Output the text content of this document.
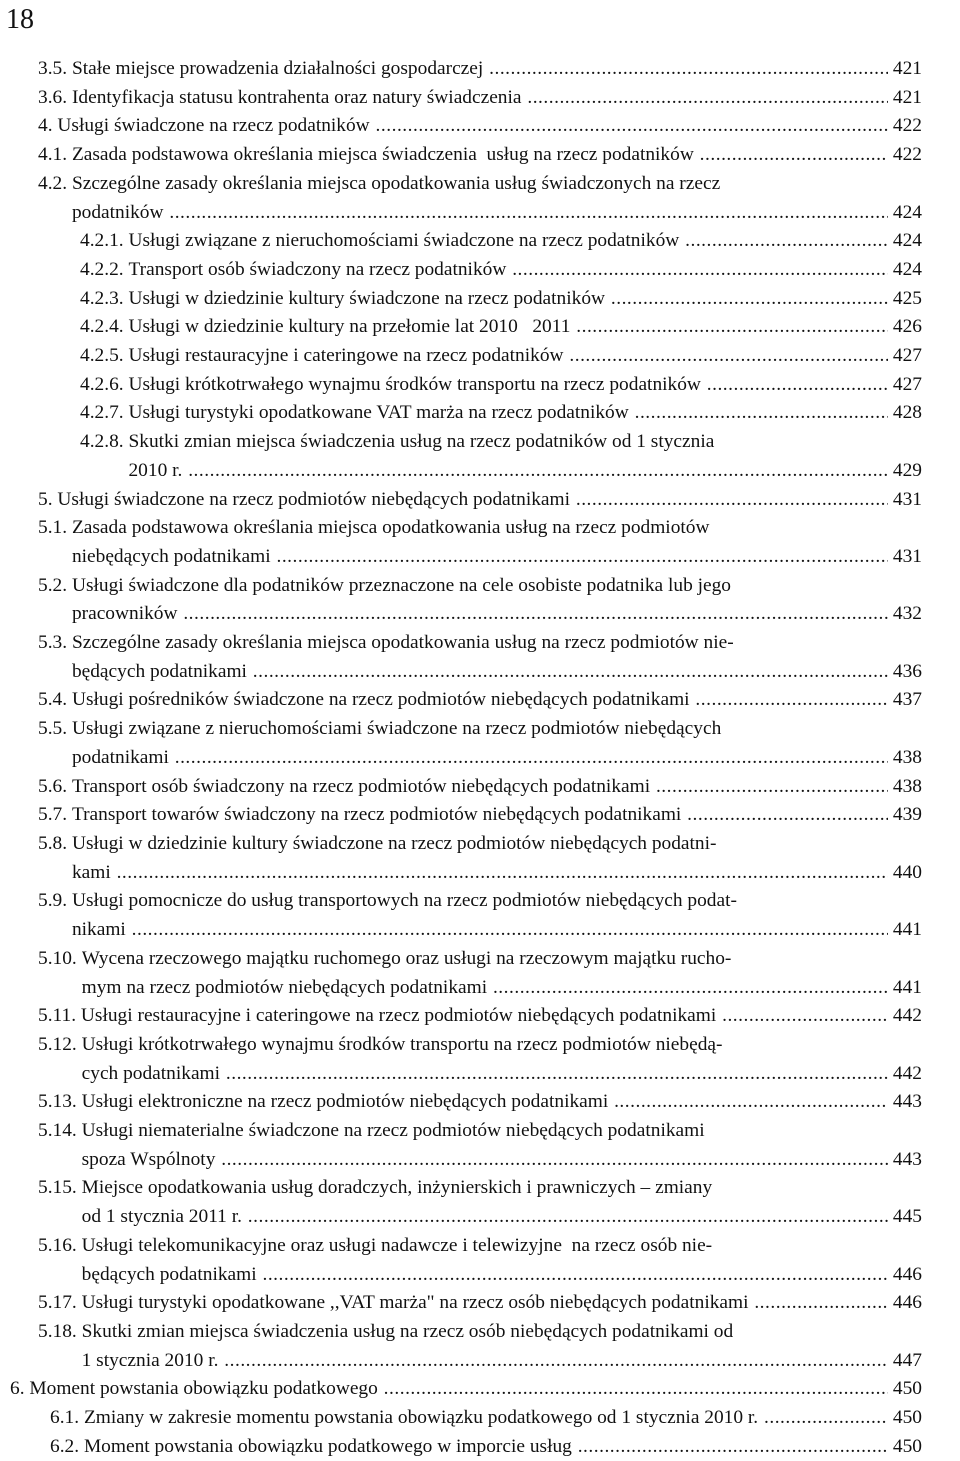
18
3.5. Stałe miejsce prowadzenia działalności gospodarczej .....	421
3.6. Identyfikacja statusu kontrahenta oraz natury świadczenia .....	421
4. Usługi świadczone na rzecz podatników .....	422
4.1. Zasada podstawowa określania miejsca świadczenia  usług na rzecz podatników .....	422
4.2. Szczególne zasady określania miejsca opodatkowania usług świadczonych na rzecz
podatników .....	424
4.2.1. Usługi związane z nieruchomościami świadczone na rzecz podatników .....	424
4.2.2. Transport osób świadczony na rzecz podatników .....	424
4.2.3. Usługi w dziedzinie kultury świadczone na rzecz podatników .....	425
4.2.4. Usługi w dziedzinie kultury na przełomie lat 2010   2011 .....	426
4.2.5. Usługi restauracyjne i cateringowe na rzecz podatników .....	427
4.2.6. Usługi krótkotrwałego wynajmu środków transportu na rzecz podatników .....	427
4.2.7. Usługi turystyki opodatkowane VAT marża na rzecz podatników .....	428
4.2.8. Skutki zmian miejsca świadczenia usług na rzecz podatników od 1 stycznia
2010 r. .....	429
5. Usługi świadczone na rzecz podmiotów niebędących podatnikami .....	431
5.1. Zasada podstawowa określania miejsca opodatkowania usług na rzecz podmiotów
niebędących podatnikami .....	431
5.2. Usługi świadczone dla podatników przeznaczone na cele osobiste podatnika lub jego
pracowników .....	432
5.3. Szczególne zasady określania miejsca opodatkowania usług na rzecz podmiotów nie-
będących podatnikami .....	436
5.4. Usługi pośredników świadczone na rzecz podmiotów niebędących podatnikami .....	437
5.5. Usługi związane z nieruchomościami świadczone na rzecz podmiotów niebędących
podatnikami .....	438
5.6. Transport osób świadczony na rzecz podmiotów niebędących podatnikami .....	438
5.7. Transport towarów świadczony na rzecz podmiotów niebędących podatnikami .....	439
5.8. Usługi w dziedzinie kultury świadczone na rzecz podmiotów niebędących podatni-
kami .....	440
5.9. Usługi pomocnicze do usług transportowych na rzecz podmiotów niebędących podat-
nikami .....	441
5.10. Wycena rzeczowego majątku ruchomego oraz usługi na rzeczowym majątku rucho-
mym na rzecz podmiotów niebędących podatnikami .....	441
5.11. Usługi restauracyjne i cateringowe na rzecz podmiotów niebędących podatnikami .....	442
5.12. Usługi krótkotrwałego wynajmu środków transportu na rzecz podmiotów niebędą-
cych podatnikami .....	442
5.13. Usługi elektroniczne na rzecz podmiotów niebędących podatnikami .....	443
5.14. Usługi niematerialne świadczone na rzecz podmiotów niebędących podatnikami
spoza Wspólnoty .....	443
5.15. Miejsce opodatkowania usług doradczych, inżynierskich i prawniczych – zmiany
od 1 stycznia 2011 r. .....	445
5.16. Usługi telekomunikacyjne oraz usługi nadawcze i telewizyjne  na rzecz osób nie-
będących podatnikami .....	446
5.17. Usługi turystyki opodatkowane ,,VAT marża" na rzecz osób niebędących podatnikami .....	446
5.18. Skutki zmian miejsca świadczenia usług na rzecz osób niebędących podatnikami od
1 stycznia 2010 r. .....	447
6. Moment powstania obowiązku podatkowego .....	450
6.1. Zmiany w zakresie momentu powstania obowiązku podatkowego od 1 stycznia 2010 r. .....	450
6.2. Moment powstania obowiązku podatkowego w imporcie usług .....	450
